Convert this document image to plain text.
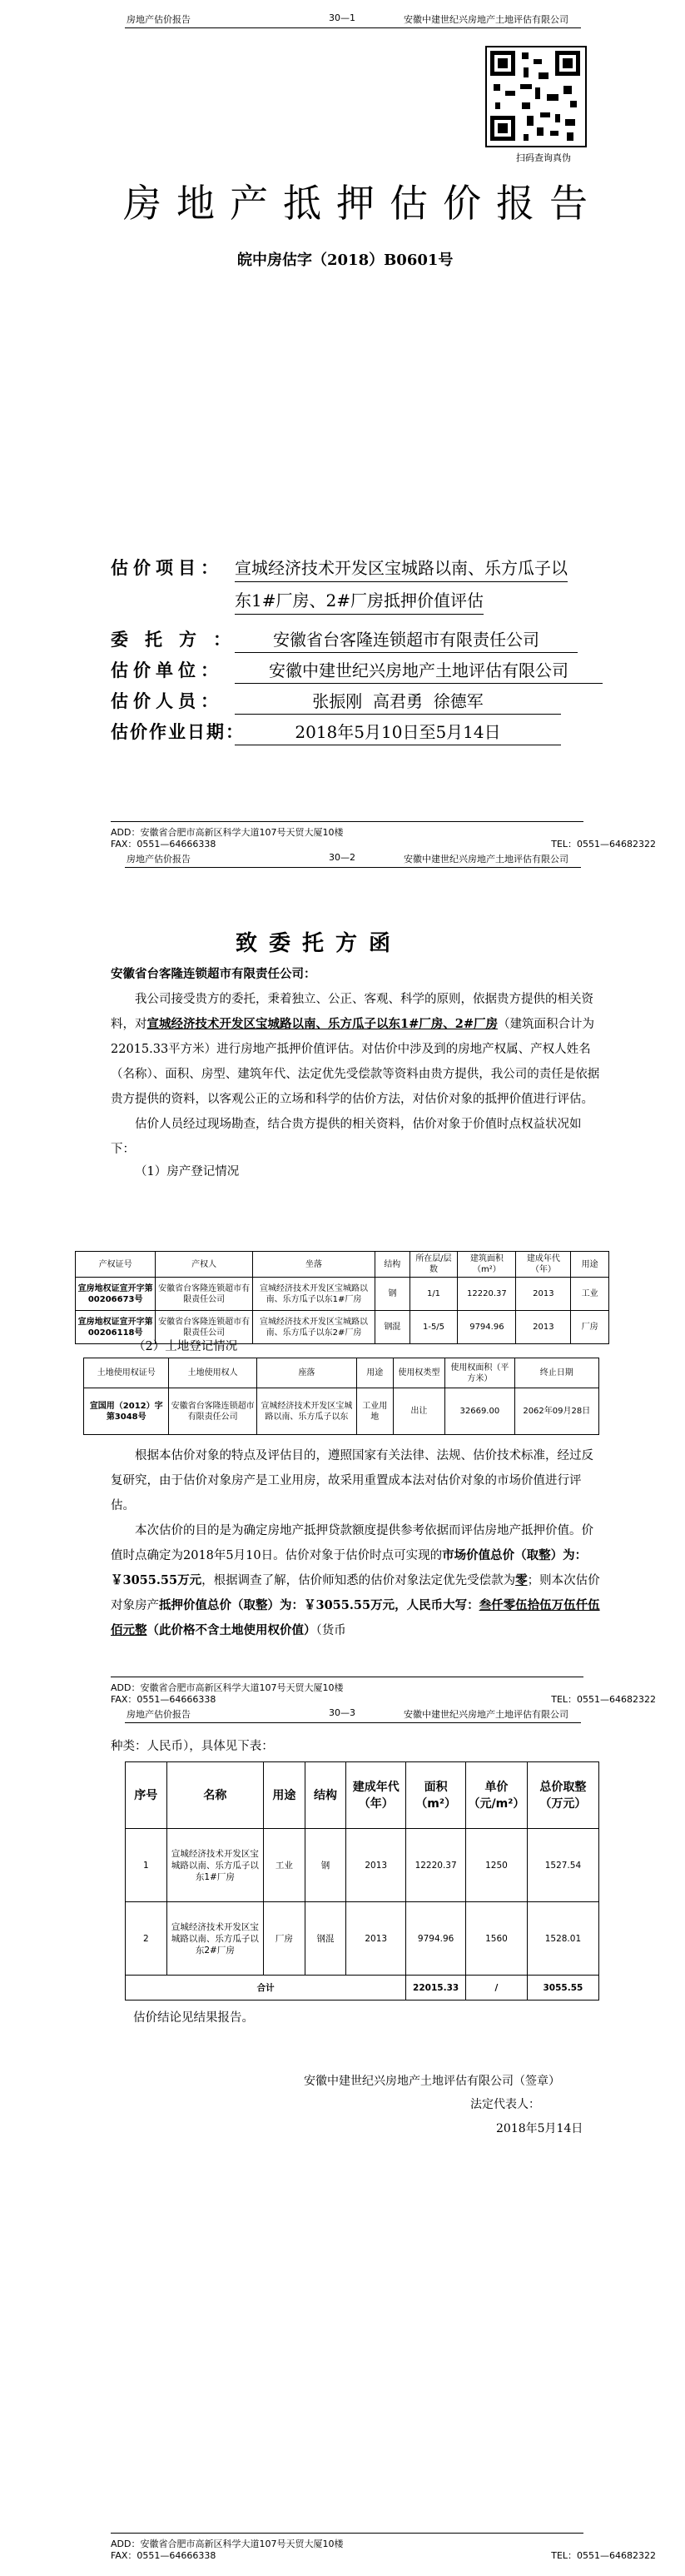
房地产估价报告	30—1	安徽中建世纪兴房地产土地评估有限公司
扫码查询真伪
房地产抵押估价报告
皖中房估字（2018）B0601号
估价项目： 宣城经济技术开发区宝城路以南、乐方瓜子以
东1#厂房、2#厂房抵押价值评估
委托方：	安徽省台客隆连锁超市有限责任公司
估价单位：	安徽中建世纪兴房地产土地评估有限公司
估价人员：	张振刚  高君勇  徐德军
估价作业日期：	2018年5月10日至5月14日
ADD：安徽省合肥市高新区科学大道107号天贸大厦10楼
FAX：0551—64666338	TEL：0551—64682322
房地产估价报告	30—2	安徽中建世纪兴房地产土地评估有限公司
致委托方函
安徽省台客隆连锁超市有限责任公司：
我公司接受贵方的委托，秉着独立、公正、客观、科学的原则，依据贵方提供的相关资料，对宣城经济技术开发区宝城路以南、乐方瓜子以东1#厂房、2#厂房（建筑面积合计为22015.33平方米）进行房地产抵押价值评估。对估价中涉及到的房地产权属、产权人姓名（名称）、面积、房型、建筑年代、法定优先受偿款等资料由贵方提供，我公司的责任是依据贵方提供的资料，以客观公正的立场和科学的估价方法，对估价对象的抵押价值进行评估。
估价人员经过现场勘查，结合贵方提供的相关资料，估价对象于价值时点权益状况如下：
（1）房产登记情况
产权证号	产权人	坐落	结构	所在层/层数	建筑面积（m²）	建成年代（年）	用途
宣房地权证宣开字第00206673号	安徽省台客隆连锁超市有限责任公司	宣城经济技术开发区宝城路以南、乐方瓜子以东1#厂房	钢	1/1	12220.37	2013	工业
宣房地权证宣开字第00206118号	安徽省台客隆连锁超市有限责任公司	宣城经济技术开发区宝城路以南、乐方瓜子以东2#厂房	钢混	1-5/5	9794.96	2013	厂房
（2）土地登记情况
土地使用权证号	土地使用权人	座落	用途	使用权类型	使用权面积（平方米）	终止日期
宣国用（2012）字第3048号	安徽省台客隆连锁超市有限责任公司	宣城经济技术开发区宝城路以南、乐方瓜子以东	工业用地	出让	32669.00	2062年09月28日
根据本估价对象的特点及评估目的，遵照国家有关法律、法规、估价技术标准，经过反复研究，由于估价对象房产是工业用房，故采用重置成本法对估价对象的市场价值进行评估。
本次估价的目的是为确定房地产抵押贷款额度提供参考依据而评估房地产抵押价值。价值时点确定为2018年5月10日。估价对象于估价时点可实现的市场价值总价（取整）为：￥3055.55万元，根据调查了解，估价师知悉的估价对象法定优先受偿款为零；则本次估价对象房产抵押价值总价（取整）为：￥3055.55万元，人民币大写：叁仟零伍拾伍万伍仟伍佰元整（此价格不含土地使用权价值）（货币
ADD：安徽省合肥市高新区科学大道107号天贸大厦10楼
FAX：0551—64666338	TEL：0551—64682322
房地产估价报告	30—3	安徽中建世纪兴房地产土地评估有限公司
种类：人民币），具体见下表：
序号	名称	用途	结构	建成年代（年）	面积（m²）	单价（元/m²）	总价取整（万元）
1	宣城经济技术开发区宝城路以南、乐方瓜子以东1#厂房	工业	钢	2013	12220.37	1250	1527.54
2	宣城经济技术开发区宝城路以南、乐方瓜子以东2#厂房	厂房	钢混	2013	9794.96	1560	1528.01
合计					22015.33	/	3055.55
估价结论见结果报告。
安徽中建世纪兴房地产土地评估有限公司（签章）
法定代表人：
2018年5月14日
ADD：安徽省合肥市高新区科学大道107号天贸大厦10楼
FAX：0551—64666338	TEL：0551—64682322
